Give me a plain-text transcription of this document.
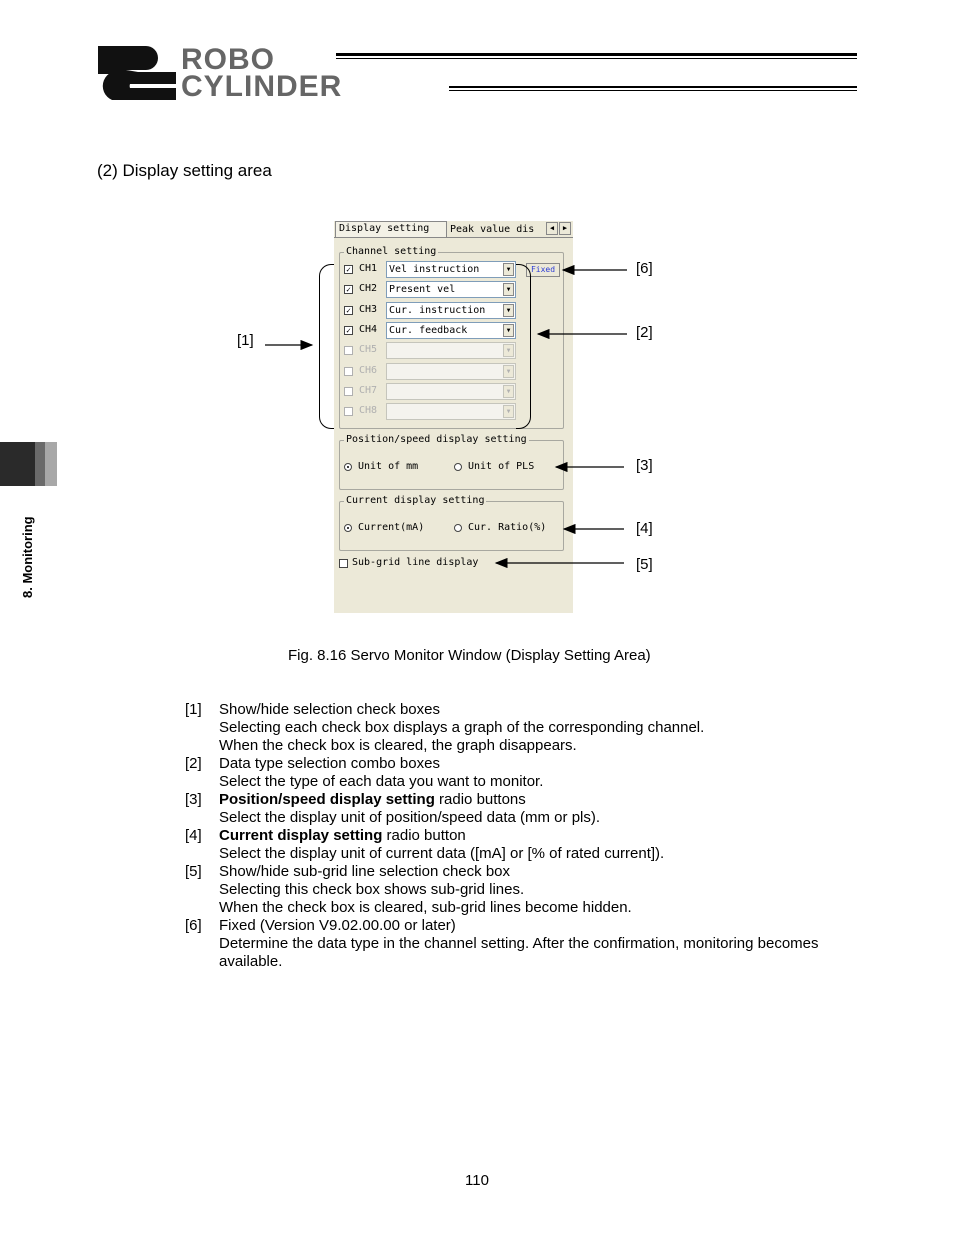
ROBO
CYLINDER
8. Monitoring
(2) Display setting area
Display setting	Peak value dis	◀	▶
Channel setting
Fixed
Position/speed display setting
Unit of mm	Unit of PLS
Current display setting
Current(mA)	Cur. Ratio(%)
Sub-grid line display
✓ CH1 Vel instruction	▼
✓ CH2 Present vel	▼
✓ CH3 Cur. instruction	▼
✓ CH4 Cur. feedback	▼
CH5	▼
CH6	▼
CH7	▼
CH8	▼
[1]
[6]
[2]
[3]
[4]
[5]
Fig. 8.16 Servo Monitor Window (Display Setting Area)
[1] Show/hide selection check boxes
Selecting each check box displays a graph of the corresponding channel.
When the check box is cleared, the graph disappears.
[2] Data type selection combo boxes
Select the type of each data you want to monitor.
[3] Position/speed display setting radio buttons
Select the display unit of position/speed data (mm or pls).
[4] Current display setting radio button
Select the display unit of current data ([mA] or [% of rated current]).
[5] Show/hide sub-grid line selection check box
Selecting this check box shows sub-grid lines.
When the check box is cleared, sub-grid lines become hidden.
[6] Fixed (Version V9.02.00.00 or later)
Determine the data type in the channel setting. After the confirmation, monitoring becomes available.
110
